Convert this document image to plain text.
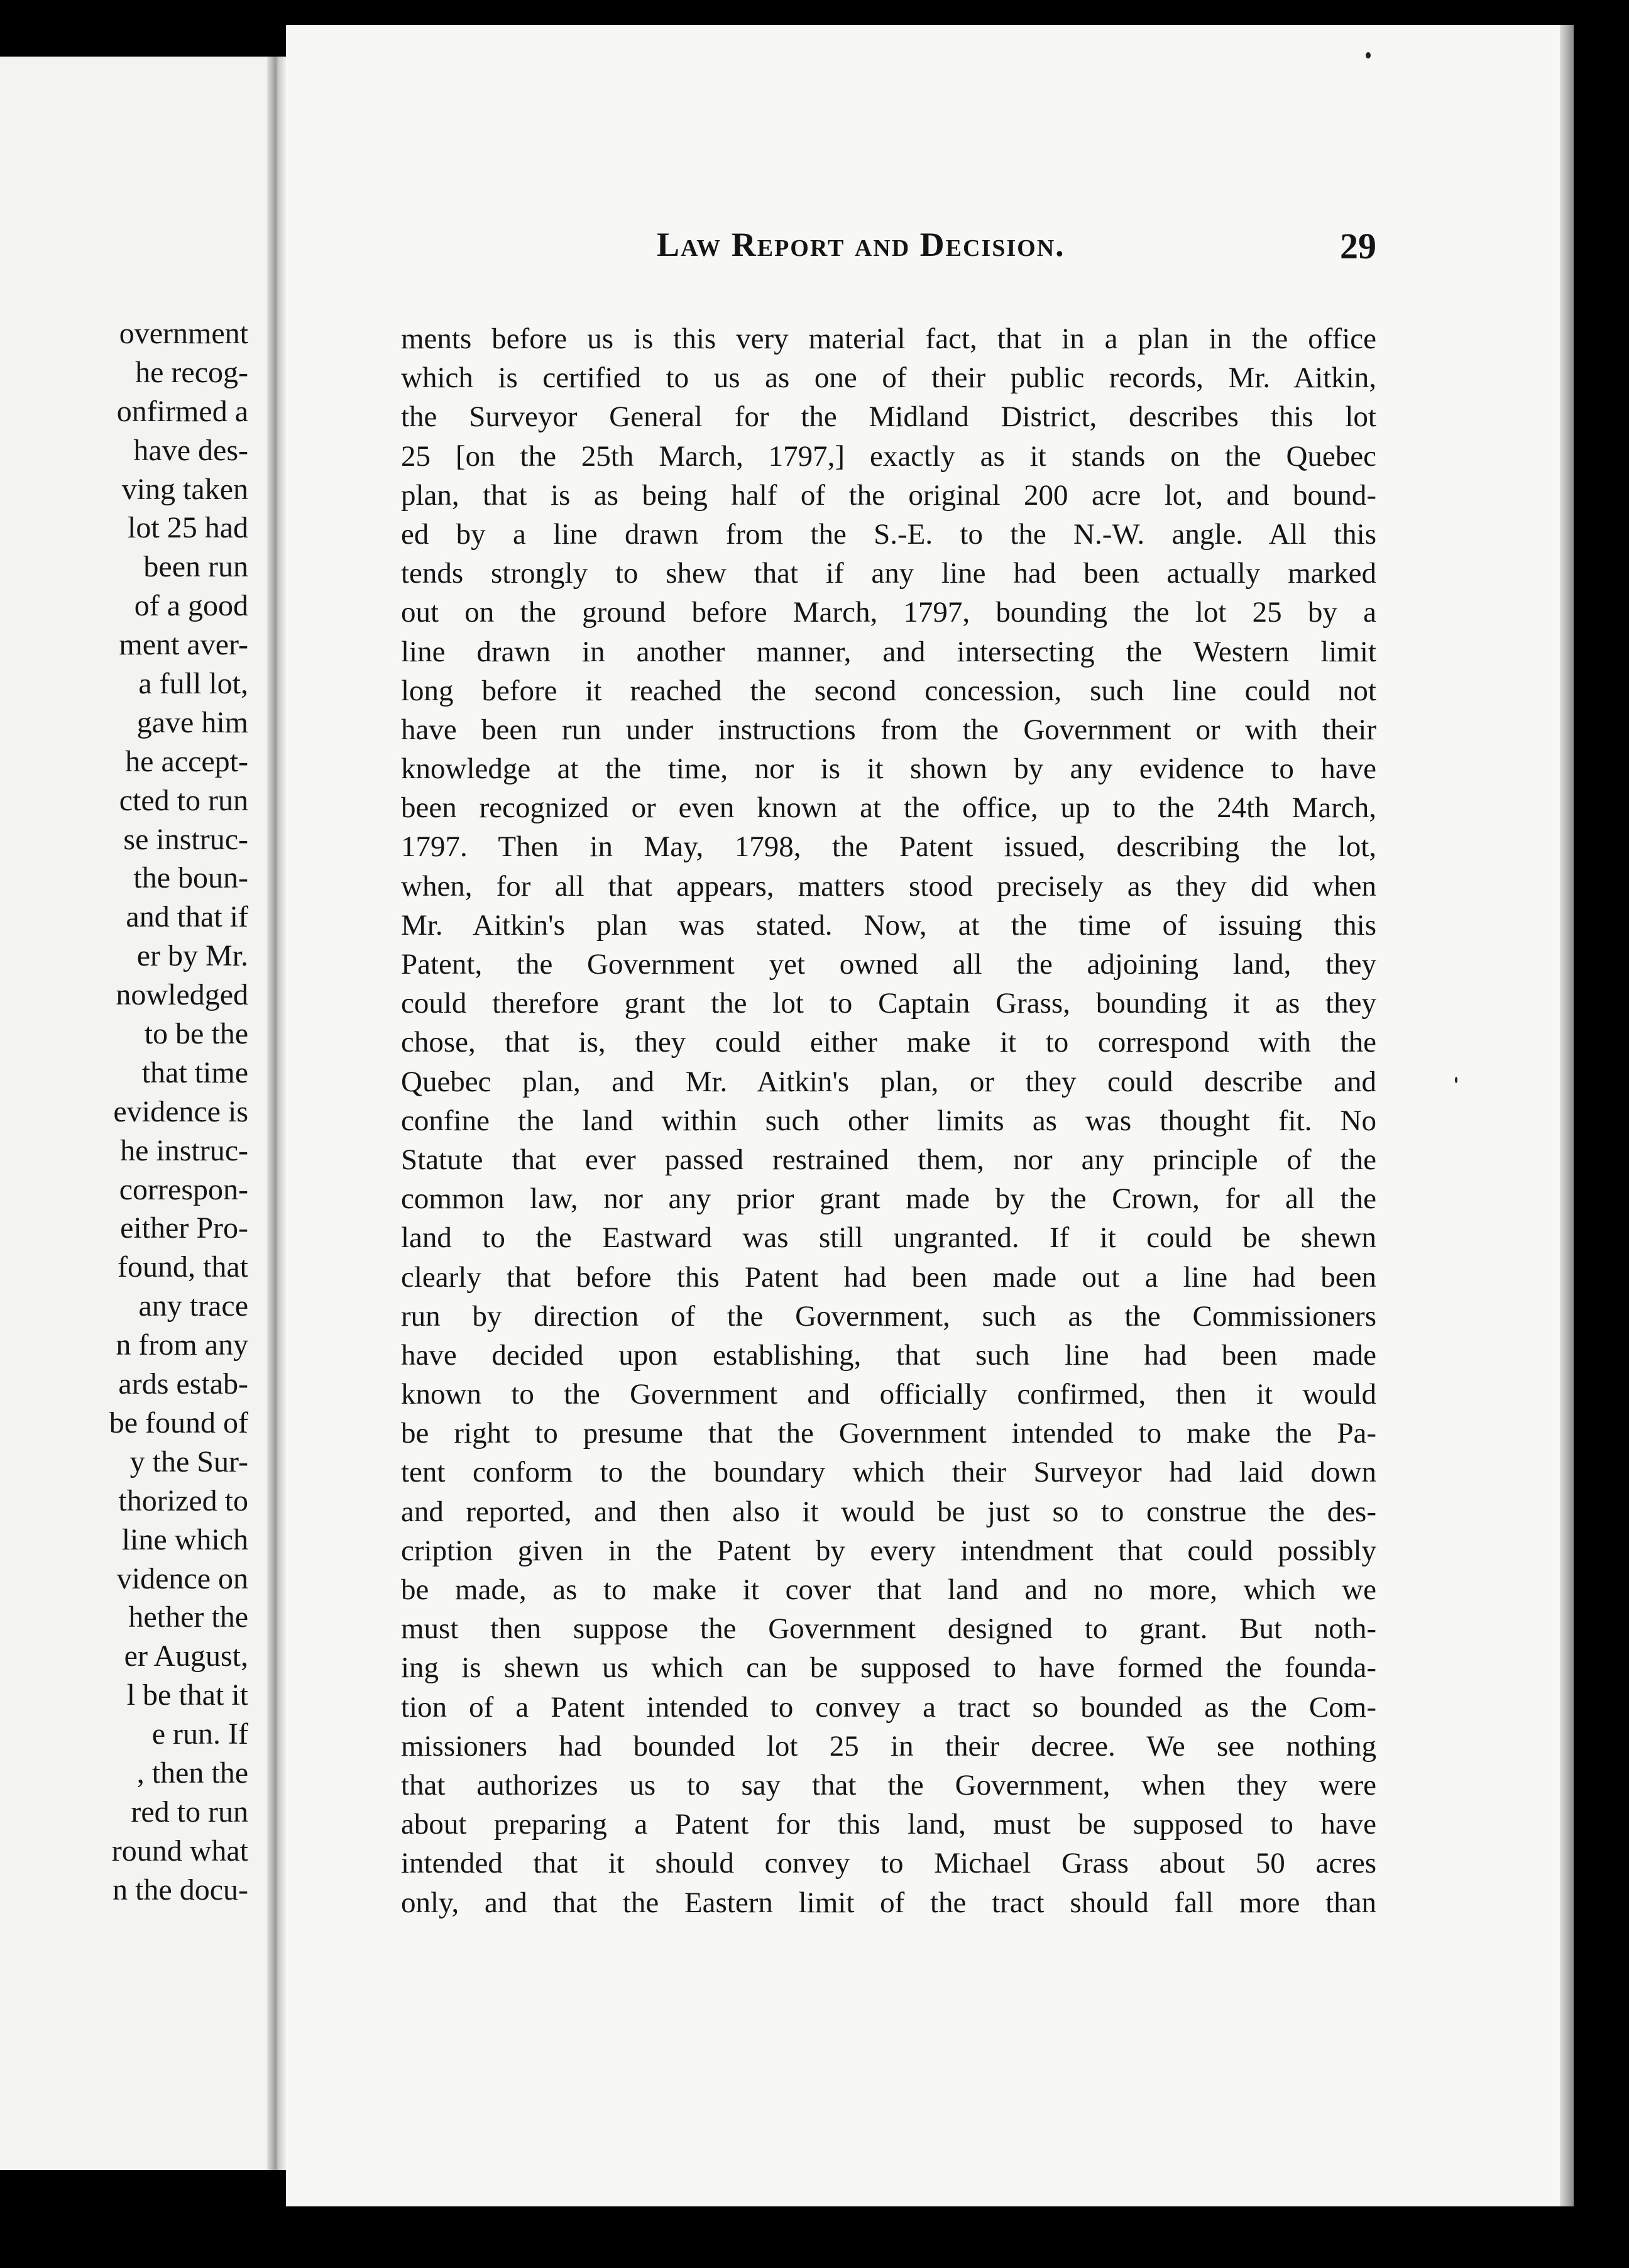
overnment
he recog-
onfirmed a
have des-
ving taken
lot 25 had
been run
of a good
ment aver-
a full lot,
gave him
he accept-
cted to run
se instruc-
the boun-
and that if
er by Mr.
nowledged
to be the
that time
evidence is
he instruc-
correspon-
either Pro-
found, that
any trace
n from any
ards estab-
be found of
y the Sur-
thorized to
line which
vidence on
hether the
er August,
l be that it
e run. If
, then the
red to run
round what
n the docu-
Law Report and Decision.	29
ments before us is this very material fact, that in a plan in the office
which is certified to us as one of their public records, Mr. Aitkin,
the Surveyor General for the Midland District, describes this lot
25 [on the 25th March, 1797,] exactly as it stands on the Quebec
plan, that is as being half of the original 200 acre lot, and bound-
ed by a line drawn from the S.-E. to the N.-W. angle. All this
tends strongly to shew that if any line had been actually marked
out on the ground before March, 1797, bounding the lot 25 by a
line drawn in another manner, and intersecting the Western limit
long before it reached the second concession, such line could not
have been run under instructions from the Government or with their
knowledge at the time, nor is it shown by any evidence to have
been recognized or even known at the office, up to the 24th March,
1797. Then in May, 1798, the Patent issued, describing the lot,
when, for all that appears, matters stood precisely as they did when
Mr. Aitkin's plan was stated. Now, at the time of issuing this
Patent, the Government yet owned all the adjoining land, they
could therefore grant the lot to Captain Grass, bounding it as they
chose, that is, they could either make it to correspond with the
Quebec plan, and Mr. Aitkin's plan, or they could describe and
confine the land within such other limits as was thought fit. No
Statute that ever passed restrained them, nor any principle of the
common law, nor any prior grant made by the Crown, for all the
land to the Eastward was still ungranted. If it could be shewn
clearly that before this Patent had been made out a line had been
run by direction of the Government, such as the Commissioners
have decided upon establishing, that such line had been made
known to the Government and officially confirmed, then it would
be right to presume that the Government intended to make the Pa-
tent conform to the boundary which their Surveyor had laid down
and reported, and then also it would be just so to construe the des-
cription given in the Patent by every intendment that could possibly
be made, as to make it cover that land and no more, which we
must then suppose the Government designed to grant. But noth-
ing is shewn us which can be supposed to have formed the founda-
tion of a Patent intended to convey a tract so bounded as the Com-
missioners had bounded lot 25 in their decree. We see nothing
that authorizes us to say that the Government, when they were
about preparing a Patent for this land, must be supposed to have
intended that it should convey to Michael Grass about 50 acres
only, and that the Eastern limit of the tract should fall more than
